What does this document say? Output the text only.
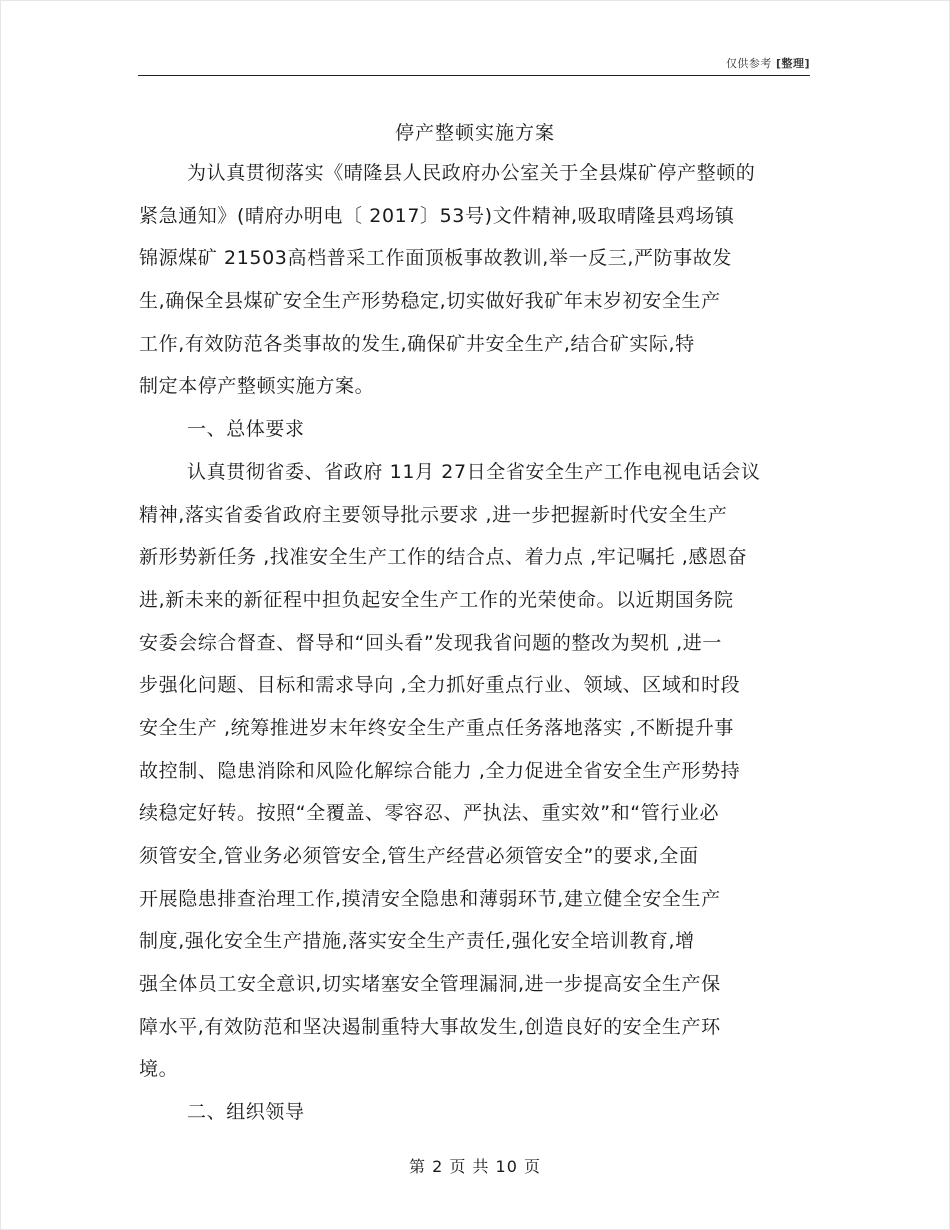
仅供参考 [整理]
停产整顿实施方案
为认真贯彻落实《晴隆县人民政府办公室关于全县煤矿停产整顿的
紧急通知》(晴府办明电〔 2017〕53号)文件精神,吸取晴隆县鸡场镇
锦源煤矿 21503高档普采工作面顶板事故教训,举一反三,严防事故发
生,确保全县煤矿安全生产形势稳定,切实做好我矿年末岁初安全生产
工作,有效防范各类事故的发生,确保矿井安全生产,结合矿实际,特
制定本停产整顿实施方案。
一、总体要求
认真贯彻省委、省政府 11月 27日全省安全生产工作电视电话会议
精神,落实省委省政府主要领导批示要求 ,进一步把握新时代安全生产
新形势新任务 ,找准安全生产工作的结合点、着力点 ,牢记嘱托 ,感恩奋
进,新未来的新征程中担负起安全生产工作的光荣使命。以近期国务院
安委会综合督查、督导和“回头看”发现我省问题的整改为契机 ,进一
步强化问题、目标和需求导向 ,全力抓好重点行业、领域、区域和时段
安全生产 ,统筹推进岁末年终安全生产重点任务落地落实 ,不断提升事
故控制、隐患消除和风险化解综合能力 ,全力促进全省安全生产形势持
续稳定好转。按照“全覆盖、零容忍、严执法、重实效”和“管行业必
须管安全,管业务必须管安全,管生产经营必须管安全”的要求,全面
开展隐患排查治理工作,摸清安全隐患和薄弱环节,建立健全安全生产
制度,强化安全生产措施,落实安全生产责任,强化安全培训教育,增
强全体员工安全意识,切实堵塞安全管理漏洞,进一步提高安全生产保
障水平,有效防范和坚决遏制重特大事故发生,创造良好的安全生产环
境。
二、组织领导
第 2 页 共 10 页
